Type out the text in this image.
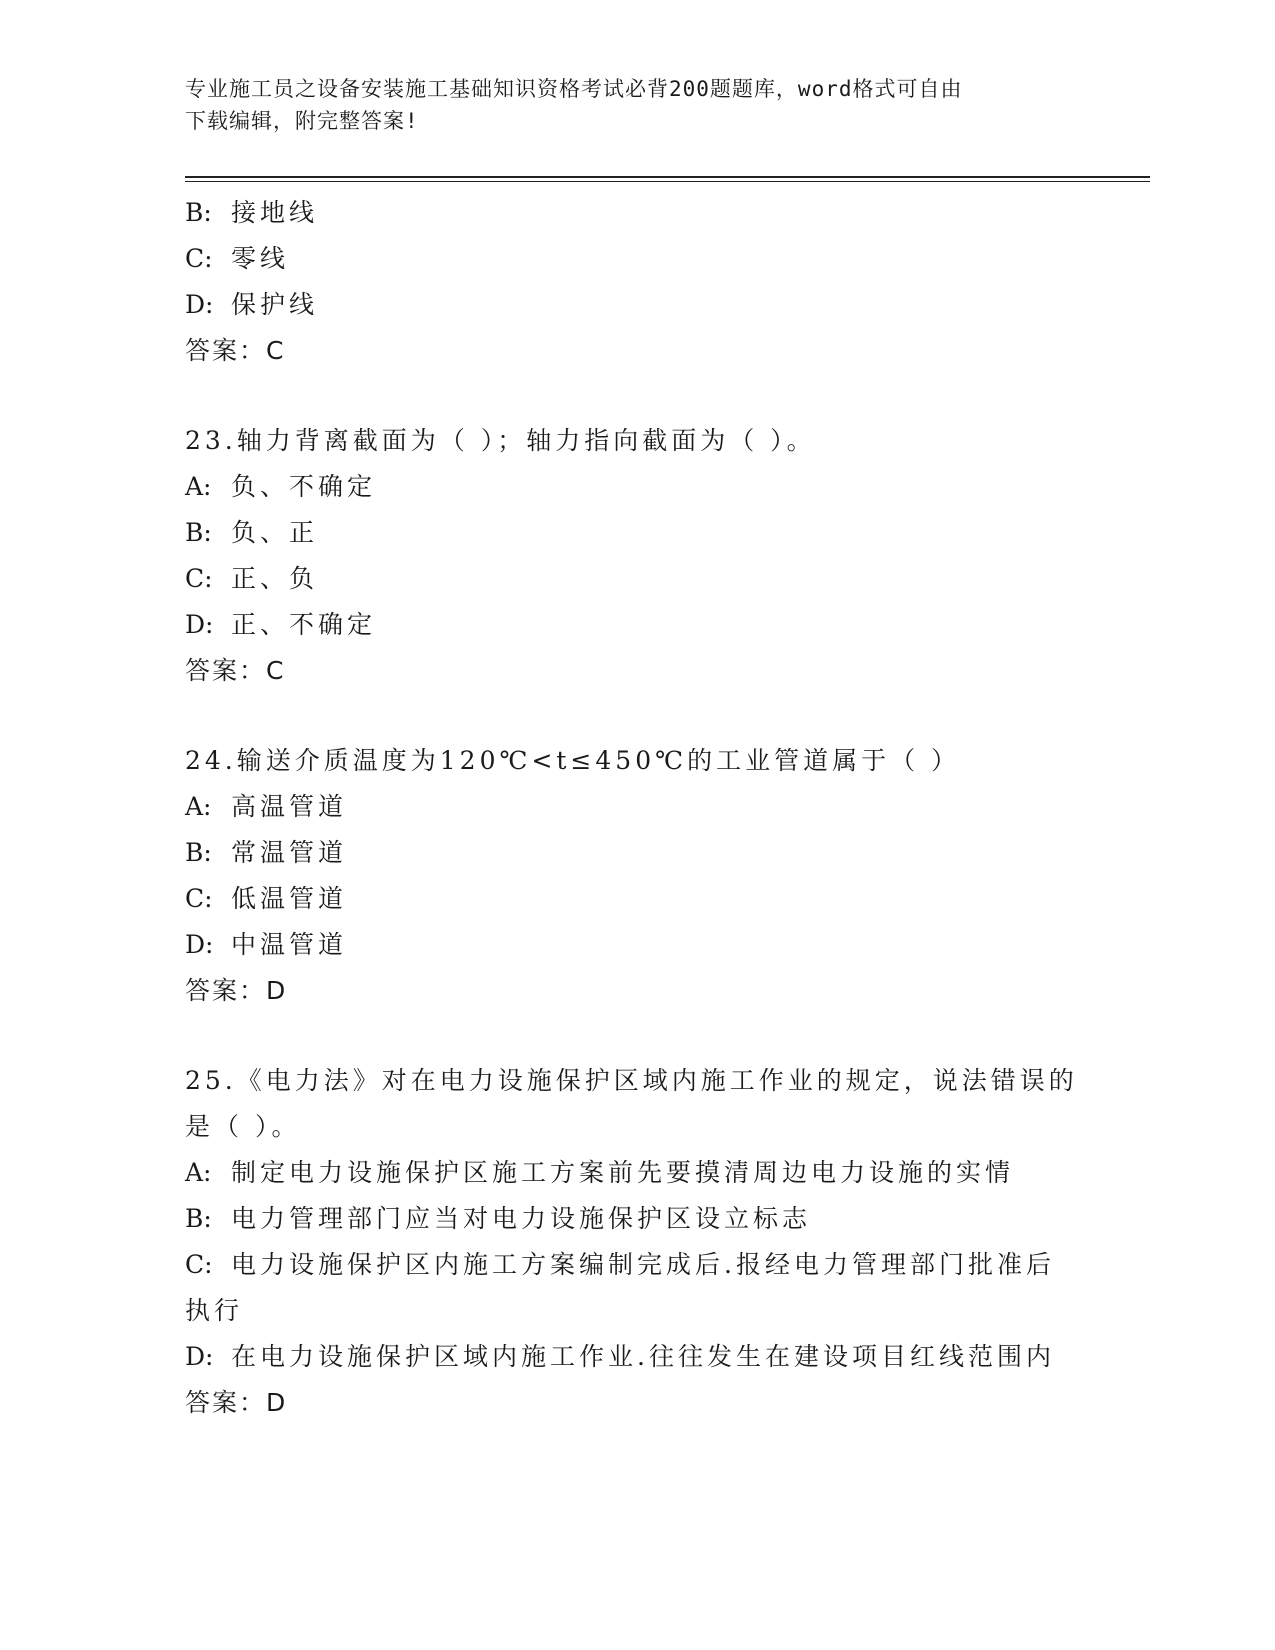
专业施工员之设备安装施工基础知识资格考试必背200题题库，word格式可自由
下载编辑，附完整答案!
B: 接地线
C: 零线
D: 保护线
答案：C
23.轴力背离截面为（ ）；轴力指向截面为（ ）。
A: 负、不确定
B: 负、正
C: 正、负
D: 正、不确定
答案：C
24.输送介质温度为120℃<t≤450℃的工业管道属于（ ）
A: 高温管道
B: 常温管道
C: 低温管道
D: 中温管道
答案：D
25.《电力法》对在电力设施保护区域内施工作业的规定，说法错误的
是（ ）。
A: 制定电力设施保护区施工方案前先要摸清周边电力设施的实情
B: 电力管理部门应当对电力设施保护区设立标志
C: 电力设施保护区内施工方案编制完成后.报经电力管理部门批准后
执行
D: 在电力设施保护区域内施工作业.往往发生在建设项目红线范围内
答案：D
